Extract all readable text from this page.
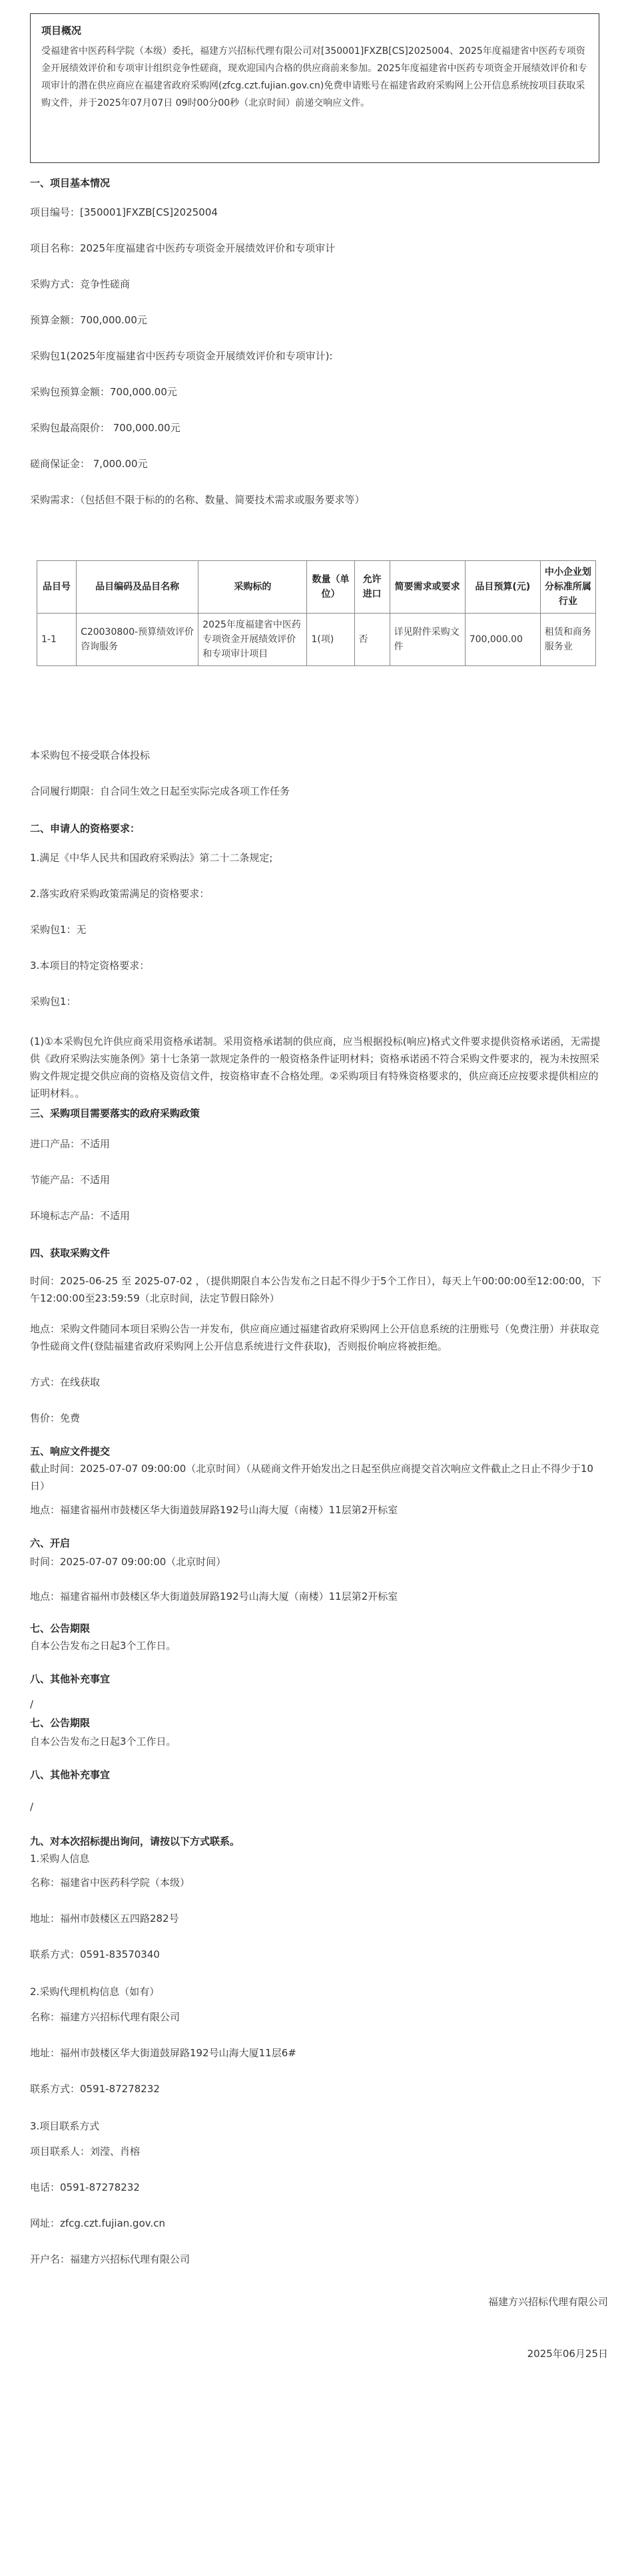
项目概况
受福建省中医药科学院（本级）委托，福建方兴招标代理有限公司对[350001]FXZB[CS]2025004、2025年度福建省中医药专项资金开展绩效评价和专项审计组织竞争性磋商，现欢迎国内合格的供应商前来参加。2025年度福建省中医药专项资金开展绩效评价和专项审计的潜在供应商应在福建省政府采购网(zfcg.czt.fujian.gov.cn)免费申请账号在福建省政府采购网上公开信息系统按项目获取采购文件，并于2025年07月07日 09时00分00秒（北京时间）前递交响应文件。
一、项目基本情况
项目编号：[350001]FXZB[CS]2025004
项目名称：2025年度福建省中医药专项资金开展绩效评价和专项审计
采购方式：竞争性磋商
预算金额：700,000.00元
采购包1(2025年度福建省中医药专项资金开展绩效评价和专项审计):
采购包预算金额：700,000.00元
采购包最高限价： 700,000.00元
磋商保证金： 7,000.00元
采购需求：（包括但不限于标的的名称、数量、简要技术需求或服务要求等）
品目号	品目编码及品目名称	采购标的	数量（单位）	允许进口	简要需求或要求	品目预算(元)	中小企业划分标准所属行业
1-1	C20030800-预算绩效评价咨询服务	2025年度福建省中医药专项资金开展绩效评价和专项审计项目	1(项)	否	详见附件采购文件	700,000.00	租赁和商务服务业
本采购包不接受联合体投标
合同履行期限：自合同生效之日起至实际完成各项工作任务
二、申请人的资格要求：
1.满足《中华人民共和国政府采购法》第二十二条规定;
2.落实政府采购政策需满足的资格要求：
采购包1：无
3.本项目的特定资格要求：
采购包1：
(1)①本采购包允许供应商采用资格承诺制。采用资格承诺制的供应商，应当根据投标(响应)格式文件要求提供资格承诺函，无需提供《政府采购法实施条例》第十七条第一款规定条件的一般资格条件证明材料；资格承诺函不符合采购文件要求的，视为未按照采购文件规定提交供应商的资格及资信文件，按资格审查不合格处理。②采购项目有特殊资格要求的，供应商还应按要求提供相应的证明材料。。
三、采购项目需要落实的政府采购政策
进口产品：不适用
节能产品：不适用
环境标志产品：不适用
四、获取采购文件
时间：2025-06-25 至 2025-07-02 ，（提供期限自本公告发布之日起不得少于5个工作日），每天上午00:00:00至12:00:00，下午12:00:00至23:59:59（北京时间，法定节假日除外）
地点：采购文件随同本项目采购公告一并发布，供应商应通过福建省政府采购网上公开信息系统的注册账号（免费注册）并获取竞争性磋商文件(登陆福建省政府采购网上公开信息系统进行文件获取)，否则报价响应将被拒绝。
方式：在线获取
售价：免费
五、响应文件提交
截止时间：2025-07-07 09:00:00（北京时间）（从磋商文件开始发出之日起至供应商提交首次响应文件截止之日止不得少于10日）
地点：福建省福州市鼓楼区华大街道鼓屏路192号山海大厦（南楼）11层第2开标室
六、开启
时间：2025-07-07 09:00:00（北京时间）
地点：福建省福州市鼓楼区华大街道鼓屏路192号山海大厦（南楼）11层第2开标室
七、公告期限
自本公告发布之日起3个工作日。
八、其他补充事宜
/
七、公告期限
自本公告发布之日起3个工作日。
八、其他补充事宜
/
九、对本次招标提出询问，请按以下方式联系。
1.采购人信息
名称：福建省中医药科学院（本级）
地址：福州市鼓楼区五四路282号
联系方式：0591-83570340
2.采购代理机构信息（如有）
名称：福建方兴招标代理有限公司
地址：福州市鼓楼区华大街道鼓屏路192号山海大厦11层6#
联系方式：0591-87278232
3.项目联系方式
项目联系人：刘滢、肖榕
电话：0591-87278232
网址：zfcg.czt.fujian.gov.cn
开户名：福建方兴招标代理有限公司
福建方兴招标代理有限公司
2025年06月25日
